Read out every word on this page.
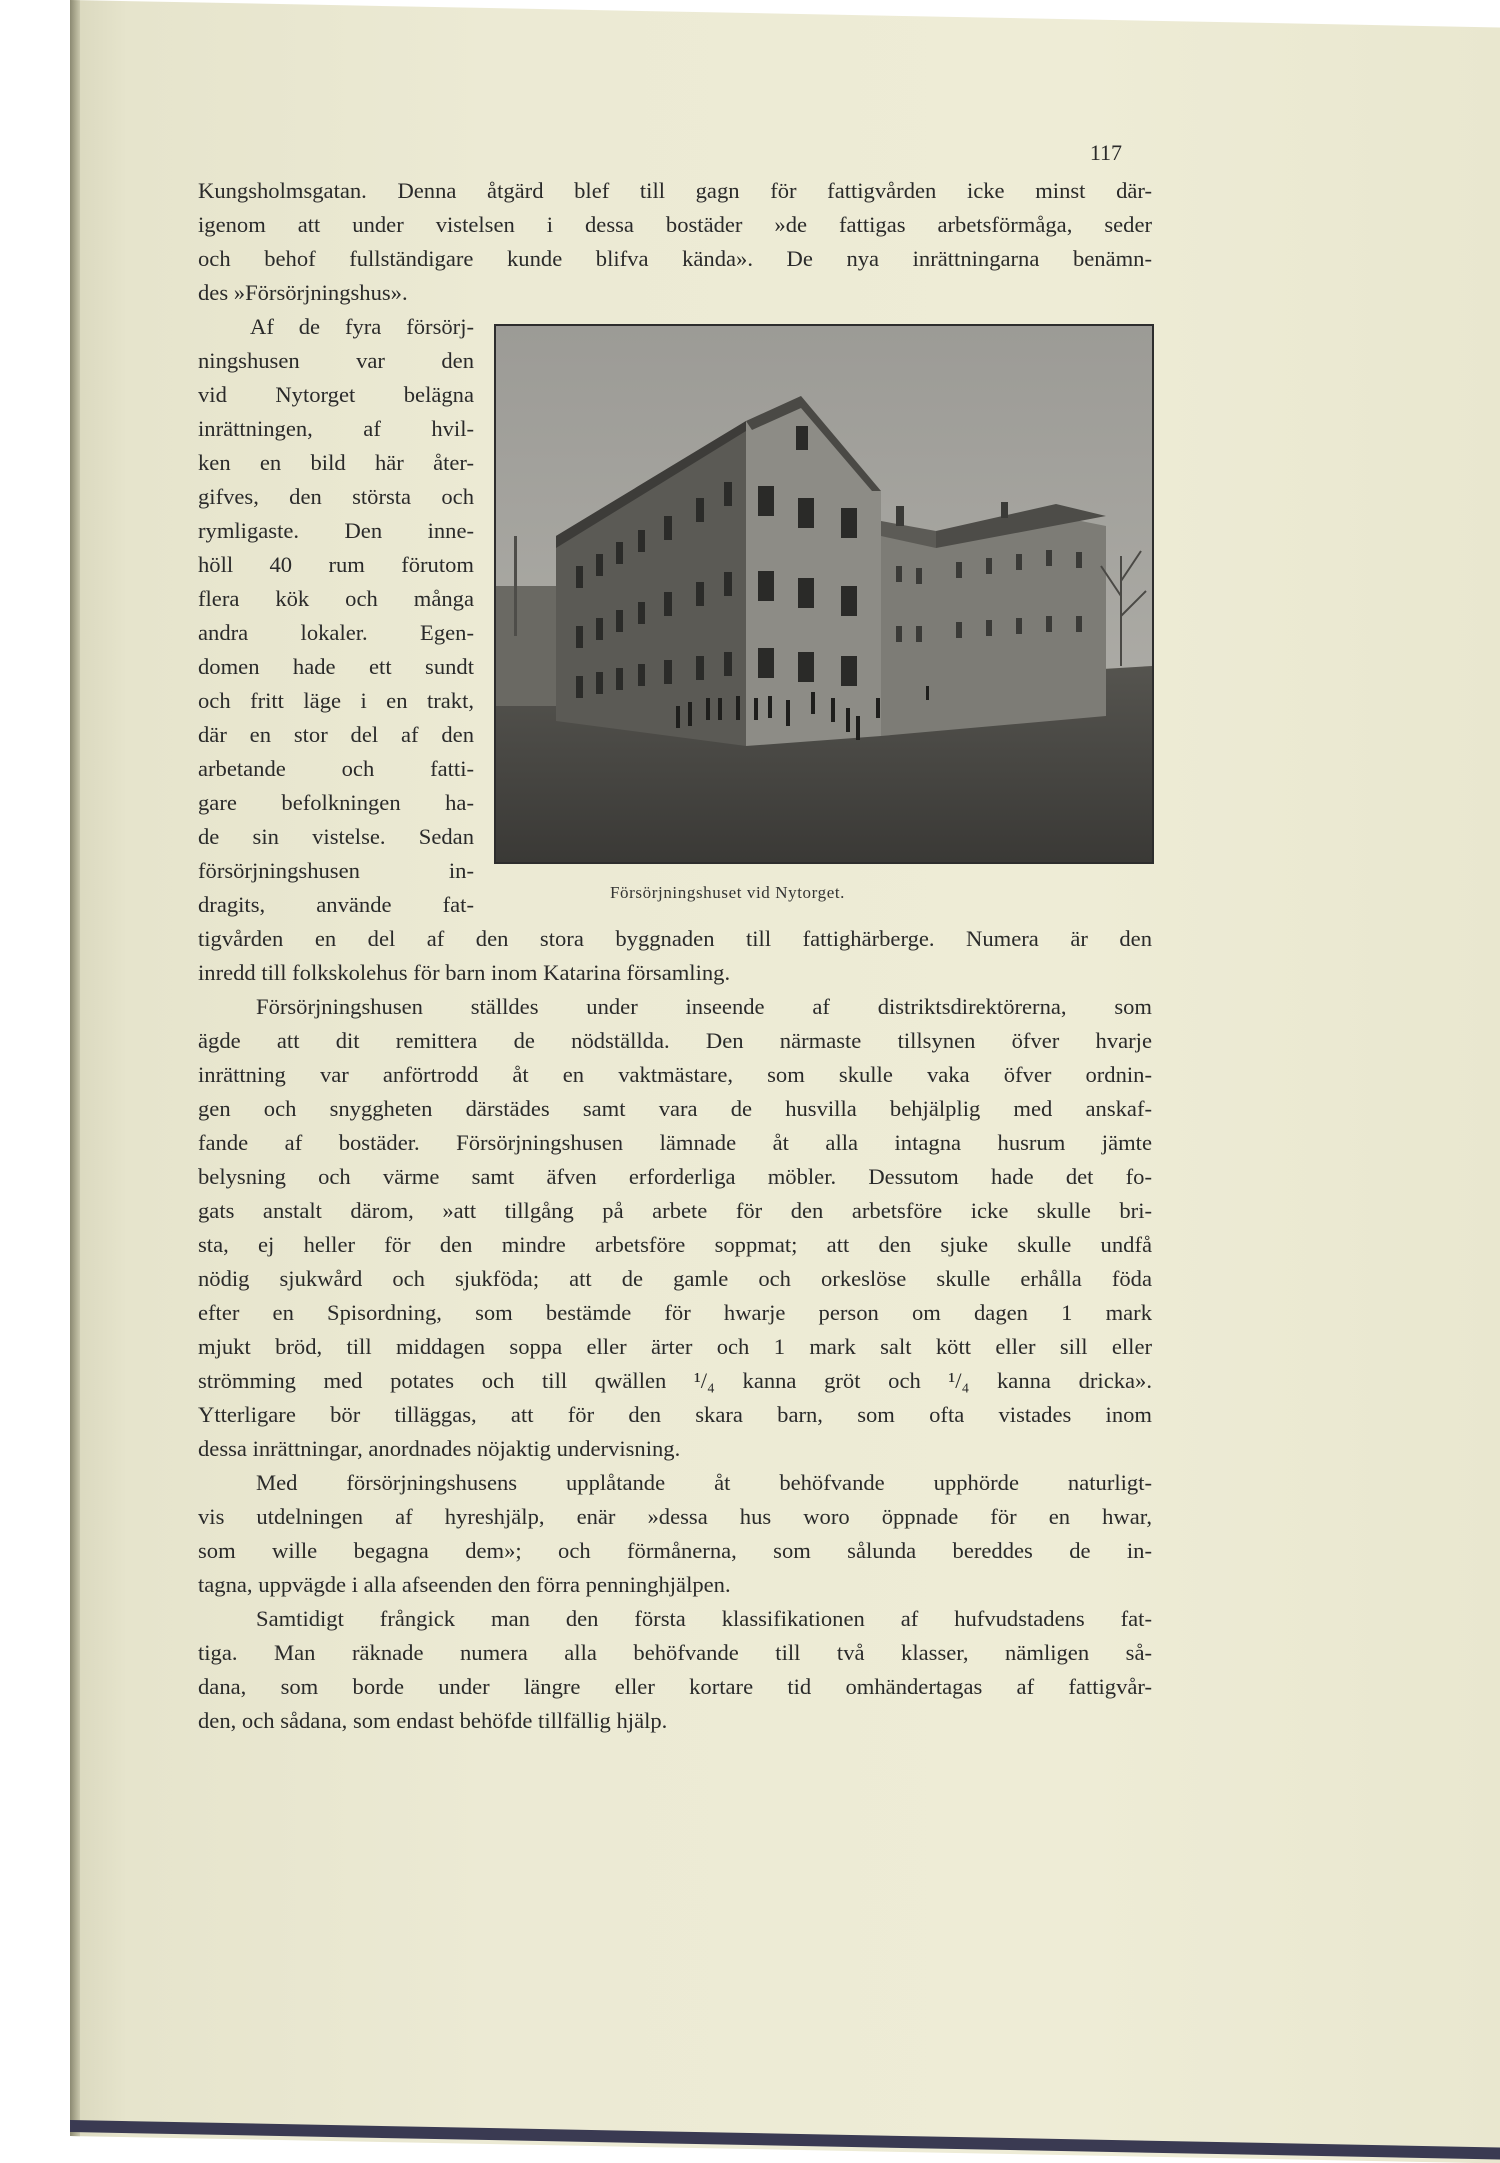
117
Kungsholmsgatan. Denna åtgärd blef till gagn för fattigvården icke minst där-
igenom att under vistelsen i dessa bostäder »de fattigas arbetsförmåga, seder
och behof fullständigare kunde blifva kända». De nya inrättningarna benämn-
des »Försörjningshus».
Af de fyra försörj-
ningshusen var den
vid Nytorget belägna
inrättningen, af hvil-
ken en bild här åter-
gifves, den största och
rymligaste. Den inne-
höll 40 rum förutom
flera kök och många
andra lokaler. Egen-
domen hade ett sundt
och fritt läge i en trakt,
där en stor del af den
arbetande och fatti-
gare befolkningen ha-
de sin vistelse. Sedan
försörjningshusen in-
dragits, använde fat-
tigvården en del af den stora byggnaden till fattighärberge. Numera är den
inredd till folkskolehus för barn inom Katarina församling.
Försörjningshusen ställdes under inseende af distriktsdirektörerna, som
ägde att dit remittera de nödställda. Den närmaste tillsynen öfver hvarje
inrättning var anförtrodd åt en vaktmästare, som skulle vaka öfver ordnin-
gen och snyggheten därstädes samt vara de husvilla behjälplig med anskaf-
fande af bostäder. Försörjningshusen lämnade åt alla intagna husrum jämte
belysning och värme samt äfven erforderliga möbler. Dessutom hade det fo-
gats anstalt därom, »att tillgång på arbete för den arbetsföre icke skulle bri-
sta, ej heller för den mindre arbetsföre soppmat; att den sjuke skulle undfå
nödig sjukwård och sjukföda; att de gamle och orkeslöse skulle erhålla föda
efter en Spisordning, som bestämde för hwarje person om dagen 1 mark
mjukt bröd, till middagen soppa eller ärter och 1 mark salt kött eller sill eller
strömming med potates och till qwällen ¹/₄ kanna gröt och ¹/₄ kanna dricka».
Ytterligare bör tilläggas, att för den skara barn, som ofta vistades inom
dessa inrättningar, anordnades nöjaktig undervisning.
Med försörjningshusens upplåtande åt behöfvande upphörde naturligt-
vis utdelningen af hyreshjälp, enär »dessa hus woro öppnade för en hwar,
som wille begagna dem»; och förmånerna, som sålunda bereddes de in-
tagna, uppvägde i alla afseenden den förra penninghjälpen.
Samtidigt frångick man den första klassifikationen af hufvudstadens fat-
tiga. Man räknade numera alla behöfvande till två klasser, nämligen så-
dana, som borde under längre eller kortare tid omhändertagas af fattigvår-
den, och sådana, som endast behöfde tillfällig hjälp.
Försörjningshuset vid Nytorget.
